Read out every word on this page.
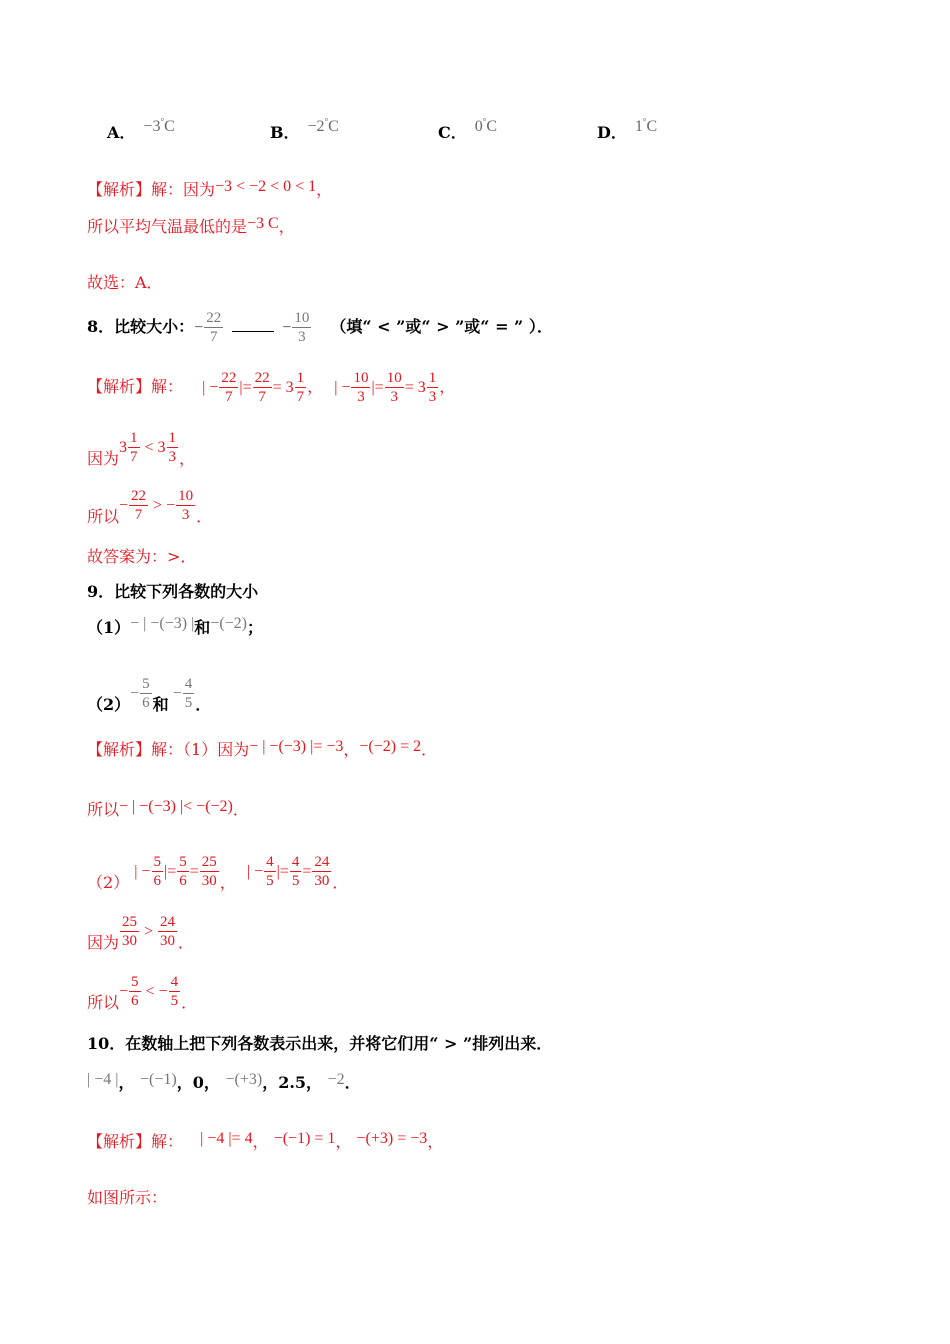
A． −3°C	B． −2°C	C． 0°C	D． 1°C
【解析】解：因为−3 < −2 < 0 < 1，
所以平均气温最低的是−3 C，
故选：A．
8．比较大小：− $\frac{22}{7}$	− $\frac{10}{3}$ （填“ < ”或“ > ”或“ = ” ）．
【解析】解： | − $\frac{22}{7}$ |= $\frac{22}{7} = 3 \frac{1}{7}$ ， | − $\frac{10}{3}$ |= $\frac{10}{3} = 3 \frac{1}{3}$ ，
因为$3 \frac{1}{7} < 3 \frac{1}{3}$ ，
所以− $\frac{22}{7}$ > − $\frac{10}{3}$ ．
故答案为：>．
9．比较下列各数的大小
（1）− | −(−3) |和−(−2)；
$(2)- \frac{5}{6}$ 和 − $\frac{4}{5}$ ．
【解析】解：（1）因为− | −(−3) |= −3，−(−2) = 2．
所以− | −(−3) |< −(−2)．
（2） | − $\frac{5}{6}$ |= $\frac{5}{6} = \frac{25}{30}$ ， | − $\frac{4}{5}$ |= $\frac{4}{5} = \frac{24}{30}$ ．
因为 $\frac{25}{30} > \frac{24}{30}$ ．
所以− $\frac{5}{6}$ < − $\frac{4}{5}$ ．
10．在数轴上把下列各数表示出来，并将它们用“ > ”排列出来．
| −4 |， −(−1)，0， −(+3)，2.5， −2．
【解析】解： | −4 |= 4， −(−1) = 1， −(+3) = −3，
如图所示：
